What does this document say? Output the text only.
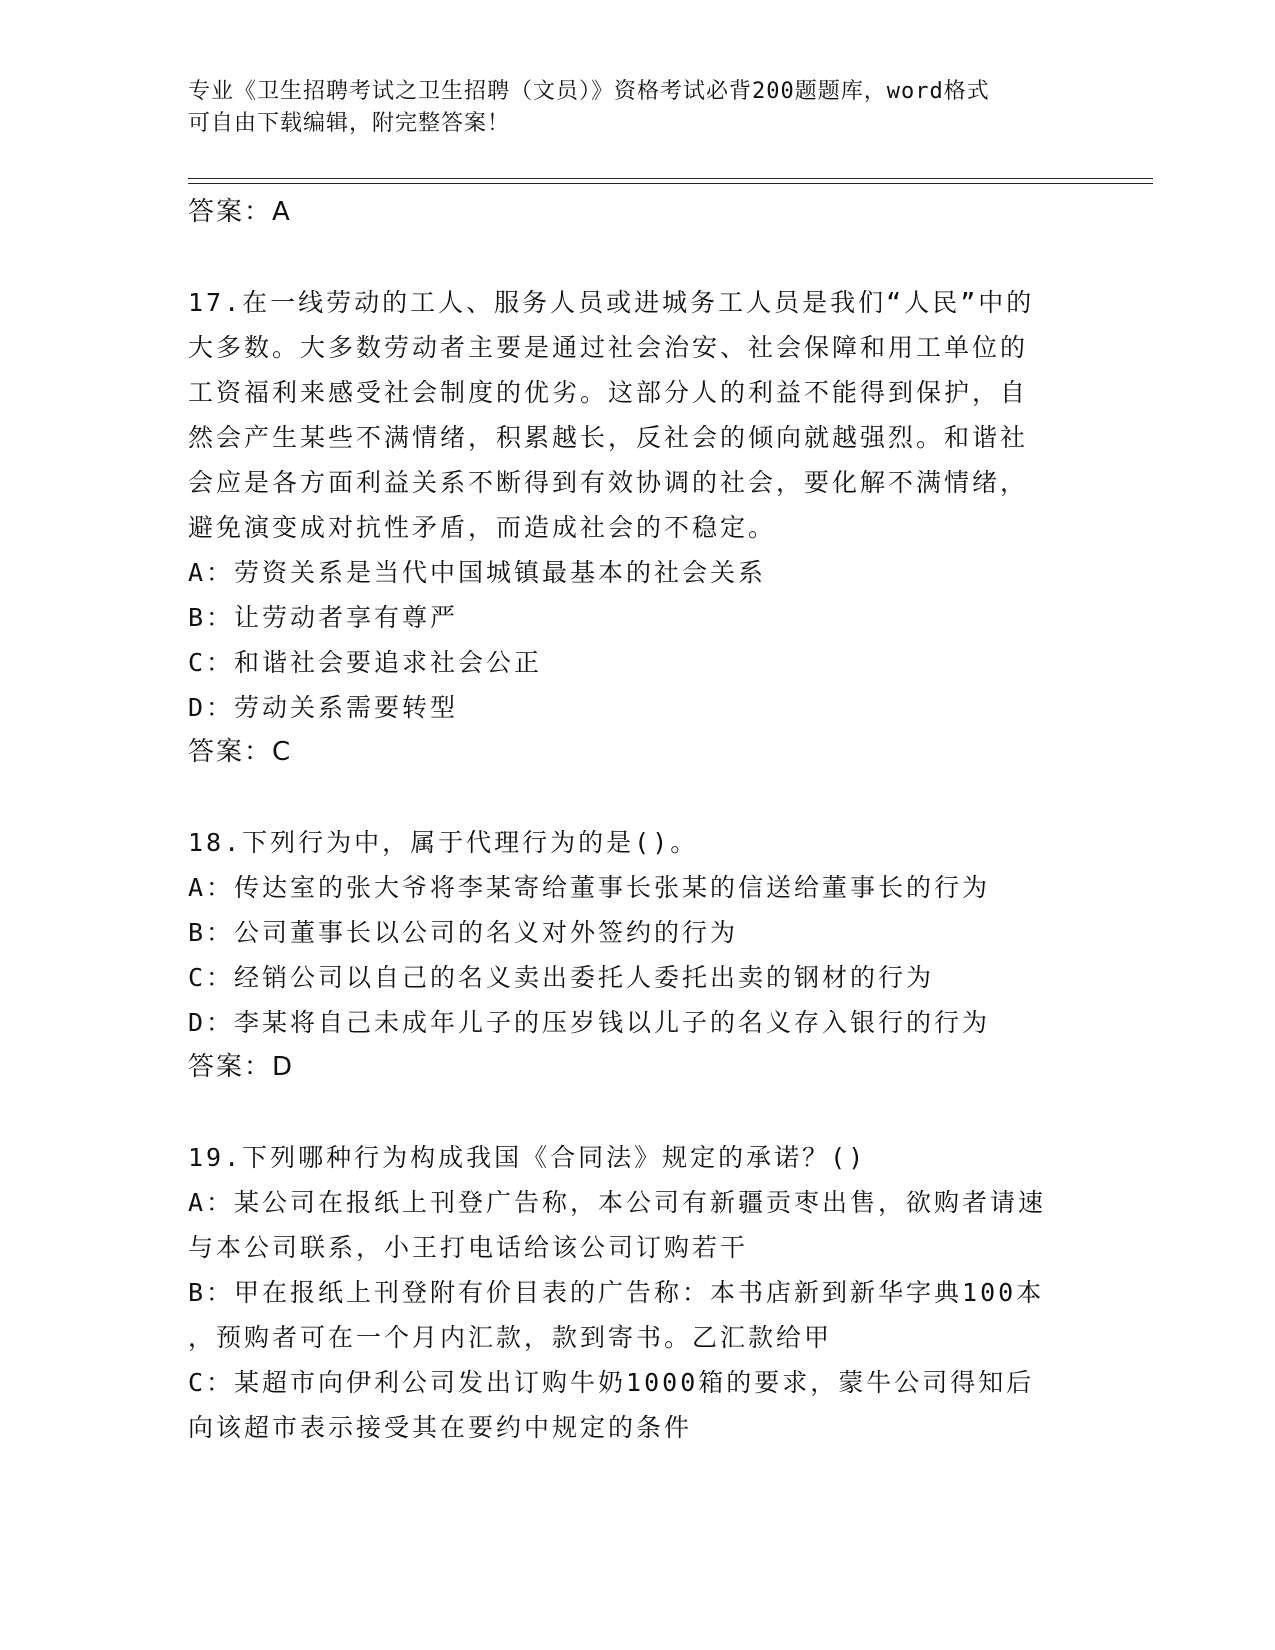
专业《卫生招聘考试之卫生招聘（文员）》资格考试必背200题题库，word格式
可自由下载编辑，附完整答案！
答案：A
17.在一线劳动的工人、服务人员或进城务工人员是我们“人民”中的
大多数。大多数劳动者主要是通过社会治安、社会保障和用工单位的
工资福利来感受社会制度的优劣。这部分人的利益不能得到保护，自
然会产生某些不满情绪，积累越长，反社会的倾向就越强烈。和谐社
会应是各方面利益关系不断得到有效协调的社会，要化解不满情绪，
避免演变成对抗性矛盾，而造成社会的不稳定。
A：劳资关系是当代中国城镇最基本的社会关系
B：让劳动者享有尊严
C：和谐社会要追求社会公正
D：劳动关系需要转型
答案：C
18.下列行为中，属于代理行为的是()。
A：传达室的张大爷将李某寄给董事长张某的信送给董事长的行为
B：公司董事长以公司的名义对外签约的行为
C：经销公司以自己的名义卖出委托人委托出卖的钢材的行为
D：李某将自己未成年儿子的压岁钱以儿子的名义存入银行的行为
答案：D
19.下列哪种行为构成我国《合同法》规定的承诺？()
A：某公司在报纸上刊登广告称，本公司有新疆贡枣出售，欲购者请速
与本公司联系，小王打电话给该公司订购若干
B：甲在报纸上刊登附有价目表的广告称：本书店新到新华字典100本
，预购者可在一个月内汇款，款到寄书。乙汇款给甲
C：某超市向伊利公司发出订购牛奶1000箱的要求，蒙牛公司得知后
向该超市表示接受其在要约中规定的条件
